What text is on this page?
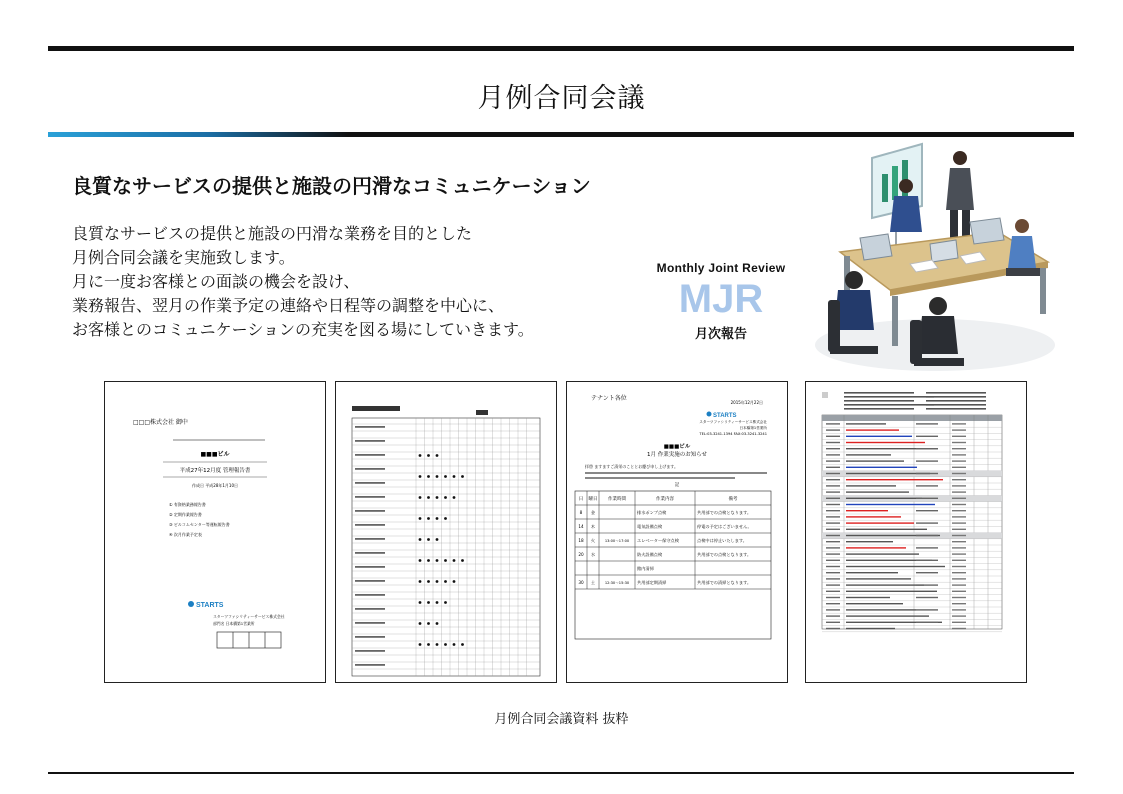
月例合同会議
良質なサービスの提供と施設の円滑なコミュニケーション
良質なサービスの提供と施設の円滑な業務を目的とした
月例合同会議を実施致します。
月に一度お客様との面談の機会を設け、
業務報告、翌月の作業予定の連絡や日程等の調整を中心に、
お客様とのコミュニケーションの充実を図る場にしていきます。
Monthly Joint Review
MJR
月次報告
□□□株式会社 御中
■■■ビル
平成27年12月度 管理報告書
作成日 平成28年1月10日
① 有資格業務報告書
② 定期作業報告書
③ ビルコムセンター等運転報告書
④ 次月作業予定表
STARTS
スターツファシリティーサービス株式会社
部門名 日本橋第1営業所
テナント各位
2015年12月22日
STARTS
スターツファシリティーサービス株式会社
日本橋第1営業所
TEL:03-3241-1394 FAX:03-3241-3241
■■■ビル
1月 作業実施のお知らせ
拝啓 ますますご清栄のこととお慶び申し上げます。
記
日 曜日 作業時間	作業内容	備考
8 金	排水ポンプ点検	共用部での点検となります。
14 木	電気設備点検	停電の予定はございません。
18 火	13:00～17:00 エレベーター保守点検	点検中は停止いたします。
20 水	防火設備点検	共用部での点検となります。
館内清掃
30 土	12:30～15:30 共用部定期清掃	共用部での清掃となります。
月例合同会議資料 抜粋
